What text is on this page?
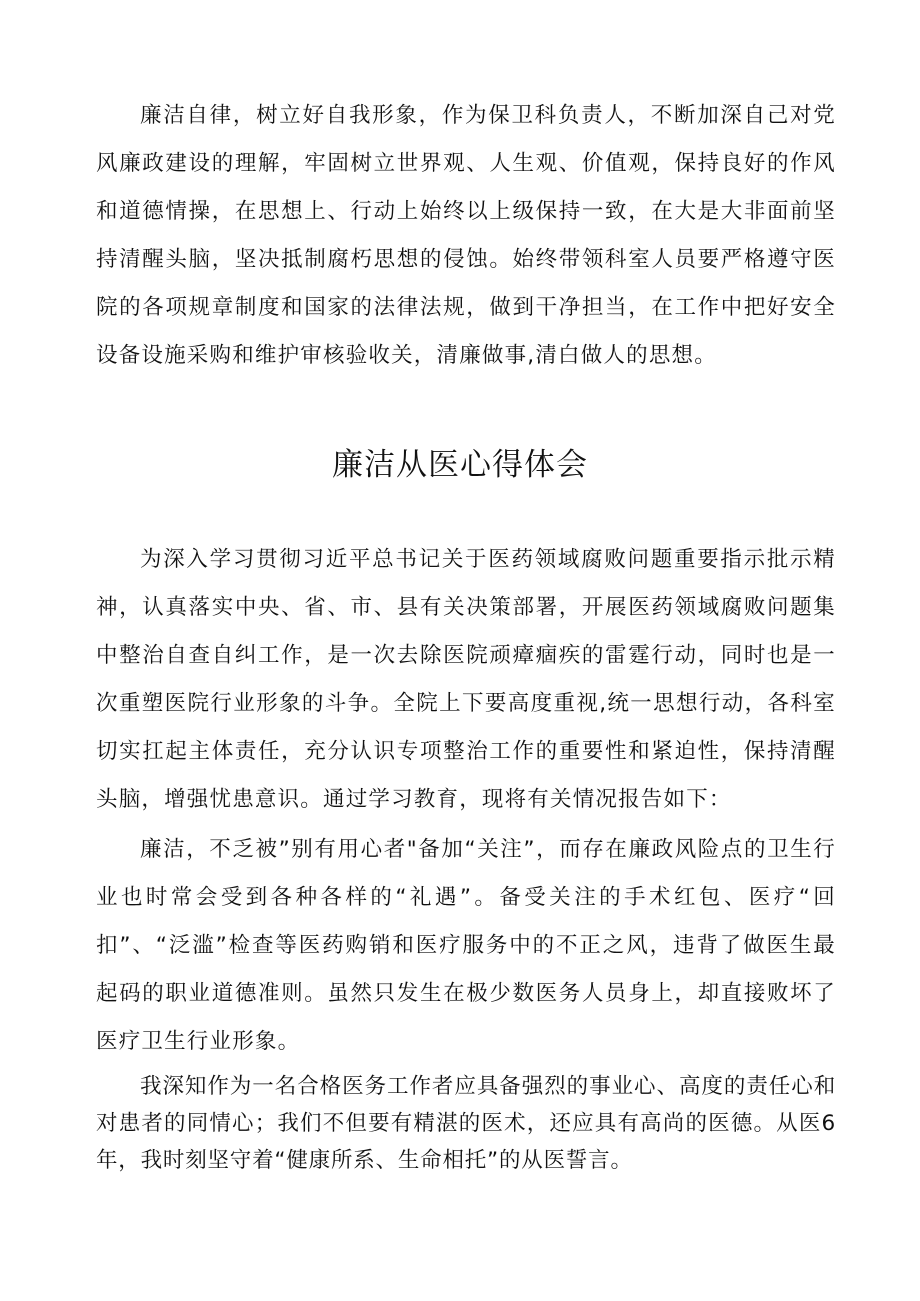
廉洁自律，树立好自我形象，作为保卫科负责人，不断加深自己对党风廉政建设的理解，牢固树立世界观、人生观、价值观，保持良好的作风和道德情操，在思想上、行动上始终以上级保持一致，在大是大非面前坚持清醒头脑，坚决抵制腐朽思想的侵蚀。始终带领科室人员要严格遵守医院的各项规章制度和国家的法律法规，做到干净担当，在工作中把好安全设备设施采购和维护审核验收关，清廉做事,清白做人的思想。

廉洁从医心得体会

为深入学习贯彻习近平总书记关于医药领域腐败问题重要指示批示精神，认真落实中央、省、市、县有关决策部署，开展医药领域腐败问题集中整治自查自纠工作，是一次去除医院顽瘴痼疾的雷霆行动，同时也是一次重塑医院行业形象的斗争。全院上下要高度重视,统一思想行动，各科室切实扛起主体责任，充分认识专项整治工作的重要性和紧迫性，保持清醒头脑，增强忧患意识。通过学习教育，现将有关情况报告如下：

廉洁，不乏被”别有用心者"备加“关注”，而存在廉政风险点的卫生行业也时常会受到各种各样的“礼遇”。备受关注的手术红包、医疗“回扣”、“泛滥”检查等医药购销和医疗服务中的不正之风，违背了做医生最起码的职业道德准则。虽然只发生在极少数医务人员身上，却直接败坏了医疗卫生行业形象。

我深知作为一名合格医务工作者应具备强烈的事业心、高度的责任心和对患者的同情心；我们不但要有精湛的医术，还应具有高尚的医德。从医6年，我时刻坚守着“健康所系、生命相托”的从医誓言。
